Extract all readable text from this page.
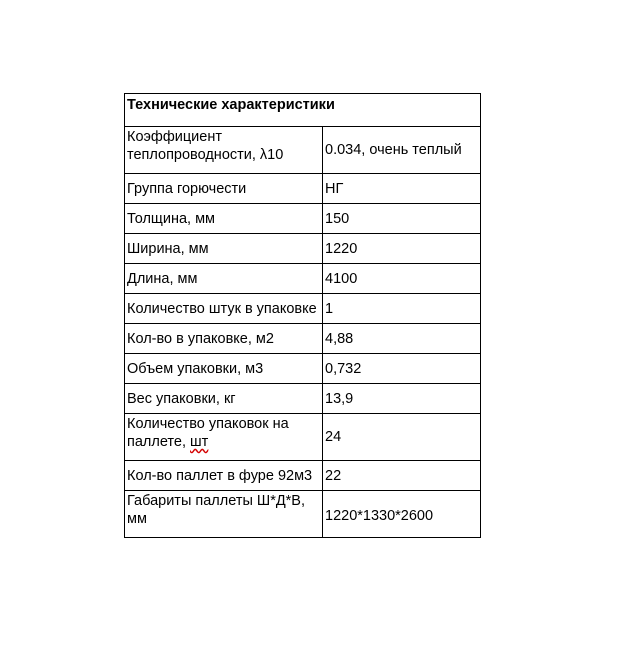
Технические характеристики	
Коэффициент теплопроводности, λ10	0.034, очень теплый
Группа горючести	НГ
Толщина, мм	150
Ширина, мм	1220
Длина, мм	4100
Количество штук в упаковке	1
Кол-во в упаковке, м2	4,88
Объем упаковки, м3	0,732
Вес упаковки, кг	13,9
Количество упаковок на паллете, шт	24
Кол-во паллет в фуре 92м3	22
Габариты паллеты Ш*Д*В, мм	1220*1330*2600
